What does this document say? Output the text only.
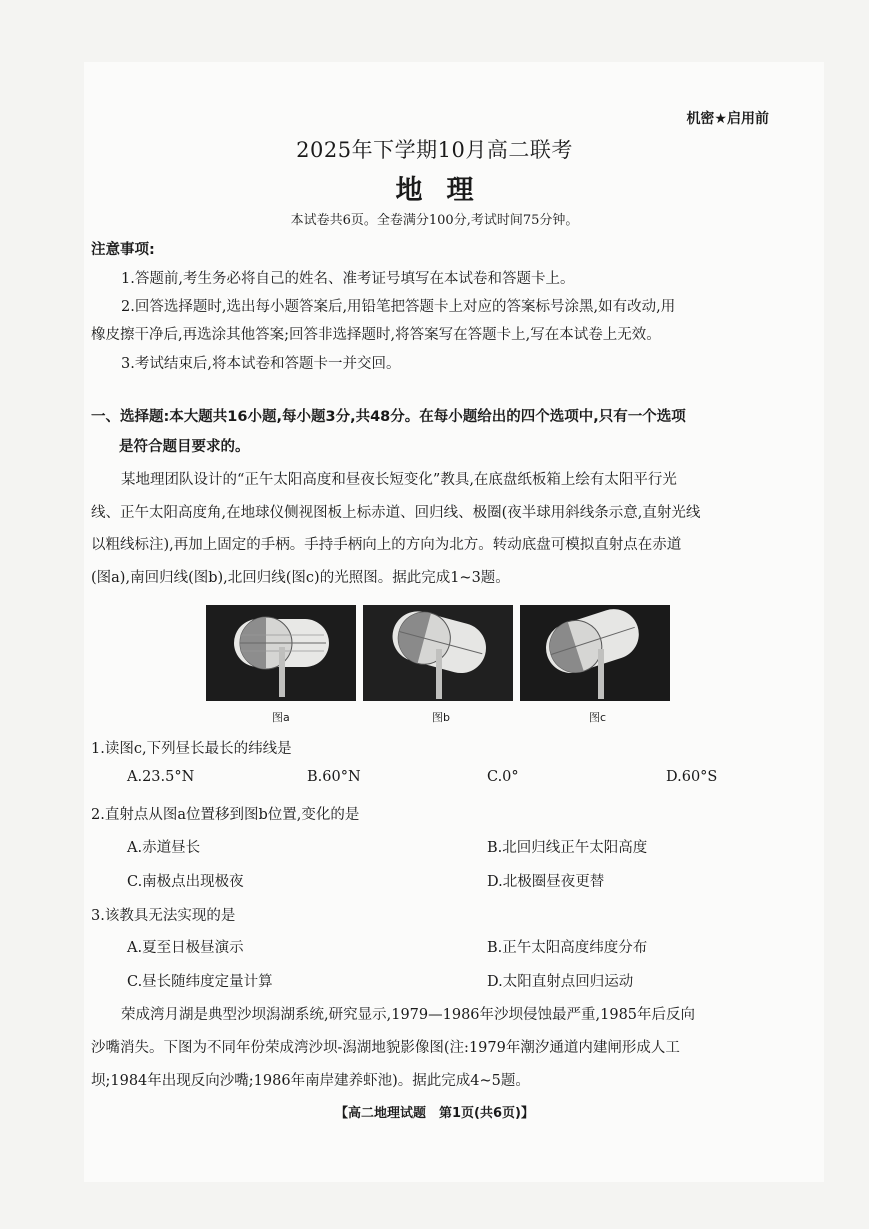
机密★启用前
2025年下学期10月高二联考
地理
本试卷共6页。全卷满分100分,考试时间75分钟。
注意事项:
1.答题前,考生务必将自己的姓名、准考证号填写在本试卷和答题卡上。
2.回答选择题时,选出每小题答案后,用铅笔把答题卡上对应的答案标号涂黑,如有改动,用
橡皮擦干净后,再选涂其他答案;回答非选择题时,将答案写在答题卡上,写在本试卷上无效。
3.考试结束后,将本试卷和答题卡一并交回。
一、选择题:本大题共16小题,每小题3分,共48分。在每小题给出的四个选项中,只有一个选项
是符合题目要求的。
某地理团队设计的“正午太阳高度和昼夜长短变化”教具,在底盘纸板箱上绘有太阳平行光
线、正午太阳高度角,在地球仪侧视图板上标赤道、回归线、极圈(夜半球用斜线条示意,直射光线
以粗线标注),再加上固定的手柄。手持手柄向上的方向为北方。转动底盘可模拟直射点在赤道
(图a),南回归线(图b),北回归线(图c)的光照图。据此完成1~3题。
图a	图b	图c
1.读图c,下列昼长最长的纬线是
A.23.5°N	B.60°N	C.0°	D.60°S
2.直射点从图a位置移到图b位置,变化的是
A.赤道昼长	B.北回归线正午太阳高度
C.南极点出现极夜	D.北极圈昼夜更替
3.该教具无法实现的是
A.夏至日极昼演示	B.正午太阳高度纬度分布
C.昼长随纬度定量计算	D.太阳直射点回归运动
荣成湾月湖是典型沙坝潟湖系统,研究显示,1979—1986年沙坝侵蚀最严重,1985年后反向
沙嘴消失。下图为不同年份荣成湾沙坝-潟湖地貌影像图(注:1979年潮汐通道内建闸形成人工
坝;1984年出现反向沙嘴;1986年南岸建养虾池)。据此完成4~5题。
【高二地理试题　第1页(共6页)】
